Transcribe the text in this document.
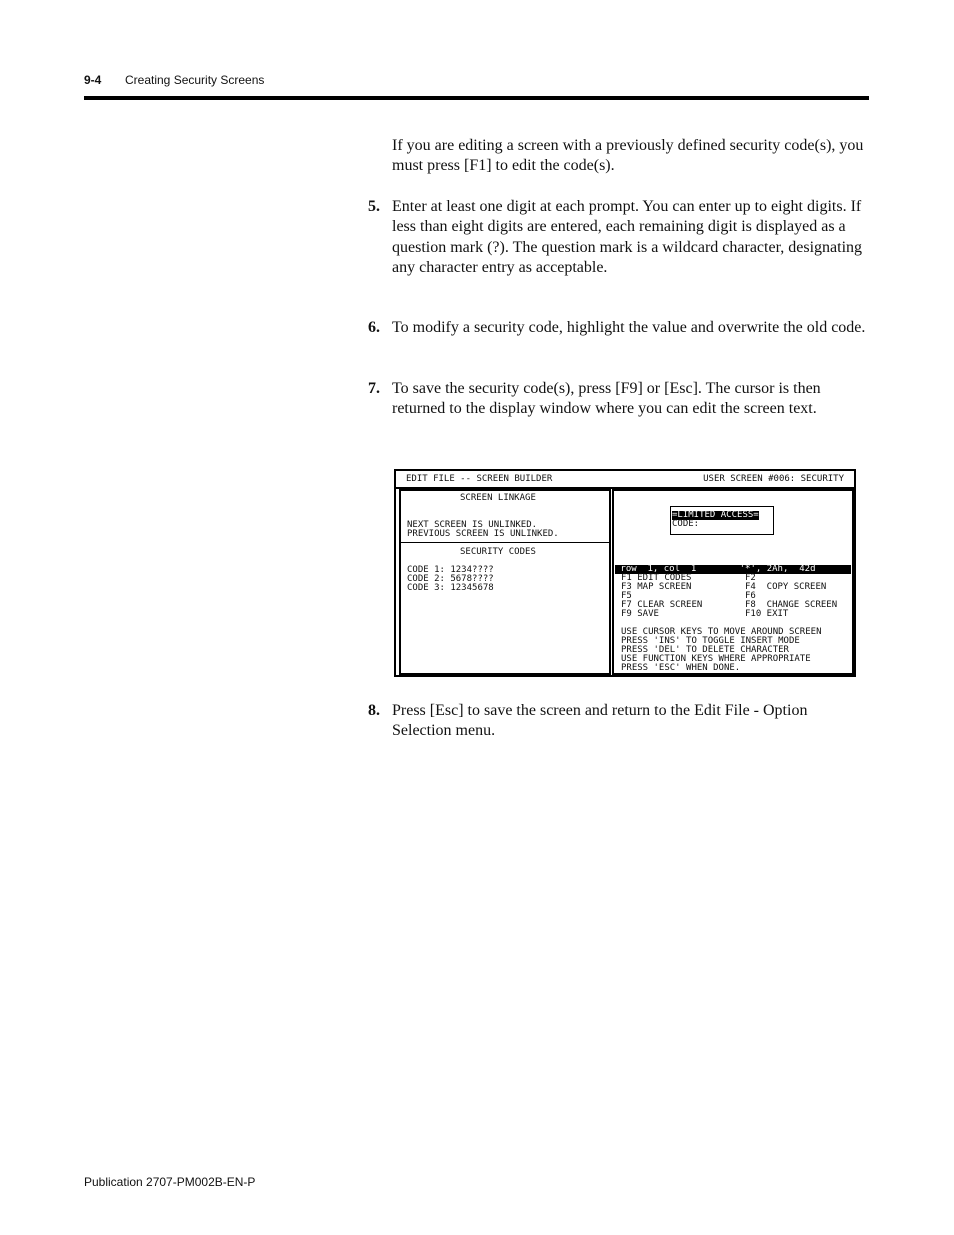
9-4 Creating Security Screens

If you are editing a screen with a previously defined security code(s), you must press [F1] to edit the code(s).

5. Enter at least one digit at each prompt. You can enter up to eight digits. If less than eight digits are entered, each remaining digit is displayed as a question mark (?). The question mark is a wildcard character, designating any character entry as acceptable.

6. To modify a security code, highlight the value and overwrite the old code.

7. To save the security code(s), press [F9] or [Esc]. The cursor is then returned to the display window where you can edit the screen text.

EDIT FILE -- SCREEN BUILDER	USER SCREEN #006: SECURITY
SCREEN LINKAGE
NEXT SCREEN IS UNLINKED.
PREVIOUS SCREEN IS UNLINKED.
SECURITY CODES
CODE 1: 1234????
CODE 2: 5678????
CODE 3: 12345678
=LIMITED ACCESS=
CODE:
row  1, col  1        '*', 2Ah,  42d
F1 EDIT CODES	F2
F3 MAP SCREEN	F4  COPY SCREEN
F5	F6
F7 CLEAR SCREEN	F8  CHANGE SCREEN
F9 SAVE	F10 EXIT
USE CURSOR KEYS TO MOVE AROUND SCREEN
PRESS 'INS' TO TOGGLE INSERT MODE
PRESS 'DEL' TO DELETE CHARACTER
USE FUNCTION KEYS WHERE APPROPRIATE
PRESS 'ESC' WHEN DONE.
8. Press [Esc] to save the screen and return to the Edit File - Option Selection menu.

Publication 2707-PM002B-EN-P
